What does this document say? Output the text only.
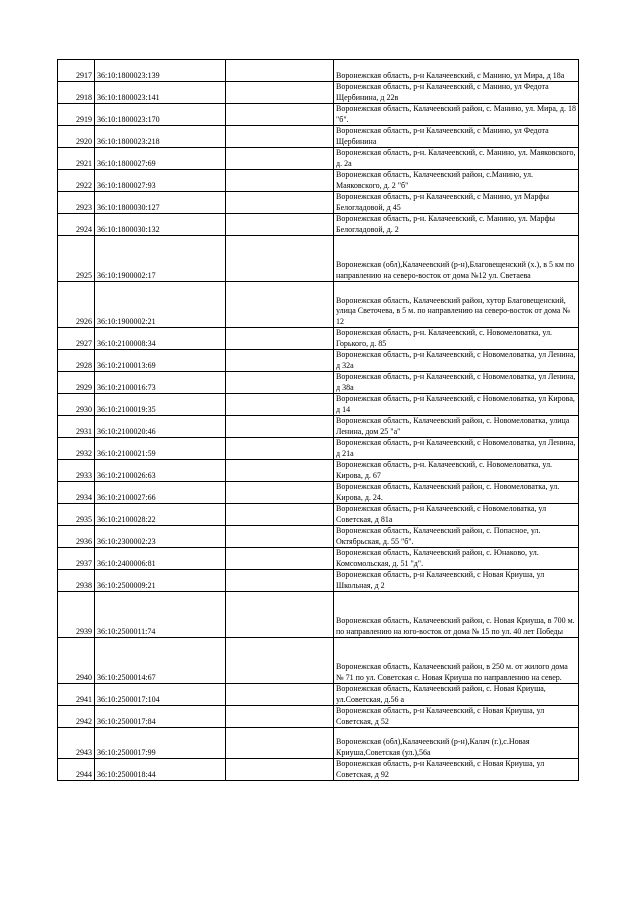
2917	36:10:1800023:139		Воронежская область, р-н Калачеевский, с Манино, ул Мира, д 18а
2918	36:10:1800023:141		Воронежская область, р-н Калачеевский, с Манино, ул Федота Щербинина, д 22в
2919	36:10:1800023:170		Воронежская область, Калачеевский район, с. Манино, ул. Мира, д. 18 "б".
2920	36:10:1800023:218		Воронежская область, р-н Калачеевский, с Манино, ул Федота Щербинина
2921	36:10:1800027:69		Воронежская область, р-н. Калачеевский, с. Манино, ул. Маяковского, д. 2а
2922	36:10:1800027:93		Воронежская область, Калачеевский район, с.Манино, ул. Маяковского, д. 2 "б"
2923	36:10:1800030:127		Воронежская область, р-н Калачеевский, с Манино, ул Марфы Белогладовой, д 45
2924	36:10:1800030:132		Воронежская область, р-н. Калачеевский, с. Манино, ул. Марфы Белогладовой, д. 2
2925	36:10:1900002:17		Воронежская (обл),Калачеевский (р-н),Благовещенский (х.), в 5 км по направлению на северо-восток от дома №12 ул. Светаева
2926	36:10:1900002:21		Воронежская область, Калачеевский район, хутор Благовещенский, улица Светочева, в 5 м. по направлению на северо-восток от дома № 12
2927	36:10:2100008:34		Воронежская область, р-н. Калачеевский, с. Новомеловатка, ул. Горького, д. 85
2928	36:10:2100013:69		Воронежская область, р-н Калачеевский, с Новомеловатка, ул Ленина, д 32а
2929	36:10:2100016:73		Воронежская область, р-н Калачеевский, с Новомеловатка, ул Ленина, д 38а
2930	36:10:2100019:35		Воронежская область, р-н Калачеевский, с Новомеловатка, ул Кирова, д 14
2931	36:10:2100020:46		Воронежская область, Калачеевский район, с. Новомеловатка, улица Ленина, дом 25 "а"
2932	36:10:2100021:59		Воронежская область, р-н Калачеевский, с Новомеловатка, ул Ленина, д 21а
2933	36:10:2100026:63		Воронежская область, р-н. Калачеевский, с. Новомеловатка, ул. Кирова, д. 67
2934	36:10:2100027:66		Воронежская область, Калачеевский район, с. Новомеловатка, ул. Кирова, д. 24.
2935	36:10:2100028:22		Воронежская область, р-н Калачеевский, с Новомеловатка, ул Советская, д 81а
2936	36:10:2300002:23		Воронежская область, Калачеевский район, с. Попасное, ул. Октябрьская, д. 55 "б".
2937	36:10:2400006:81		Воронежская область, Калачеевский район, с. Юнаково, ул. Комсомольская, д. 51 "д".
2938	36:10:2500009:21		Воронежская область, р-н Калачеевский, с Новая Криуша, ул Школьная, д 2
2939	36:10:2500011:74		Воронежская область, Калачеевский район, с. Новая Криуша, в 700 м. по направлению на юго-восток от дома № 15 по ул. 40 лет Победы
2940	36:10:2500014:67		Воронежская область, Калачеевский район, в 250 м. от жилого дома № 71 по ул. Советская с. Новая Криуша по направлению на север.
2941	36:10:2500017:104		Воронежская область, Калачеевский район, с. Новая Криуша, ул.Советская, д.56 а
2942	36:10:2500017:84		Воронежская область, р-н Калачеевский, с Новая Криуша, ул Советская, д 52
2943	36:10:2500017:99		Воронежская (обл),Калачеевский (р-н),Калач (г.),с.Новая Криуша,Советская (ул.),56а
2944	36:10:2500018:44		Воронежская область, р-н Калачеевский, с Новая Криуша, ул Советская, д 92
